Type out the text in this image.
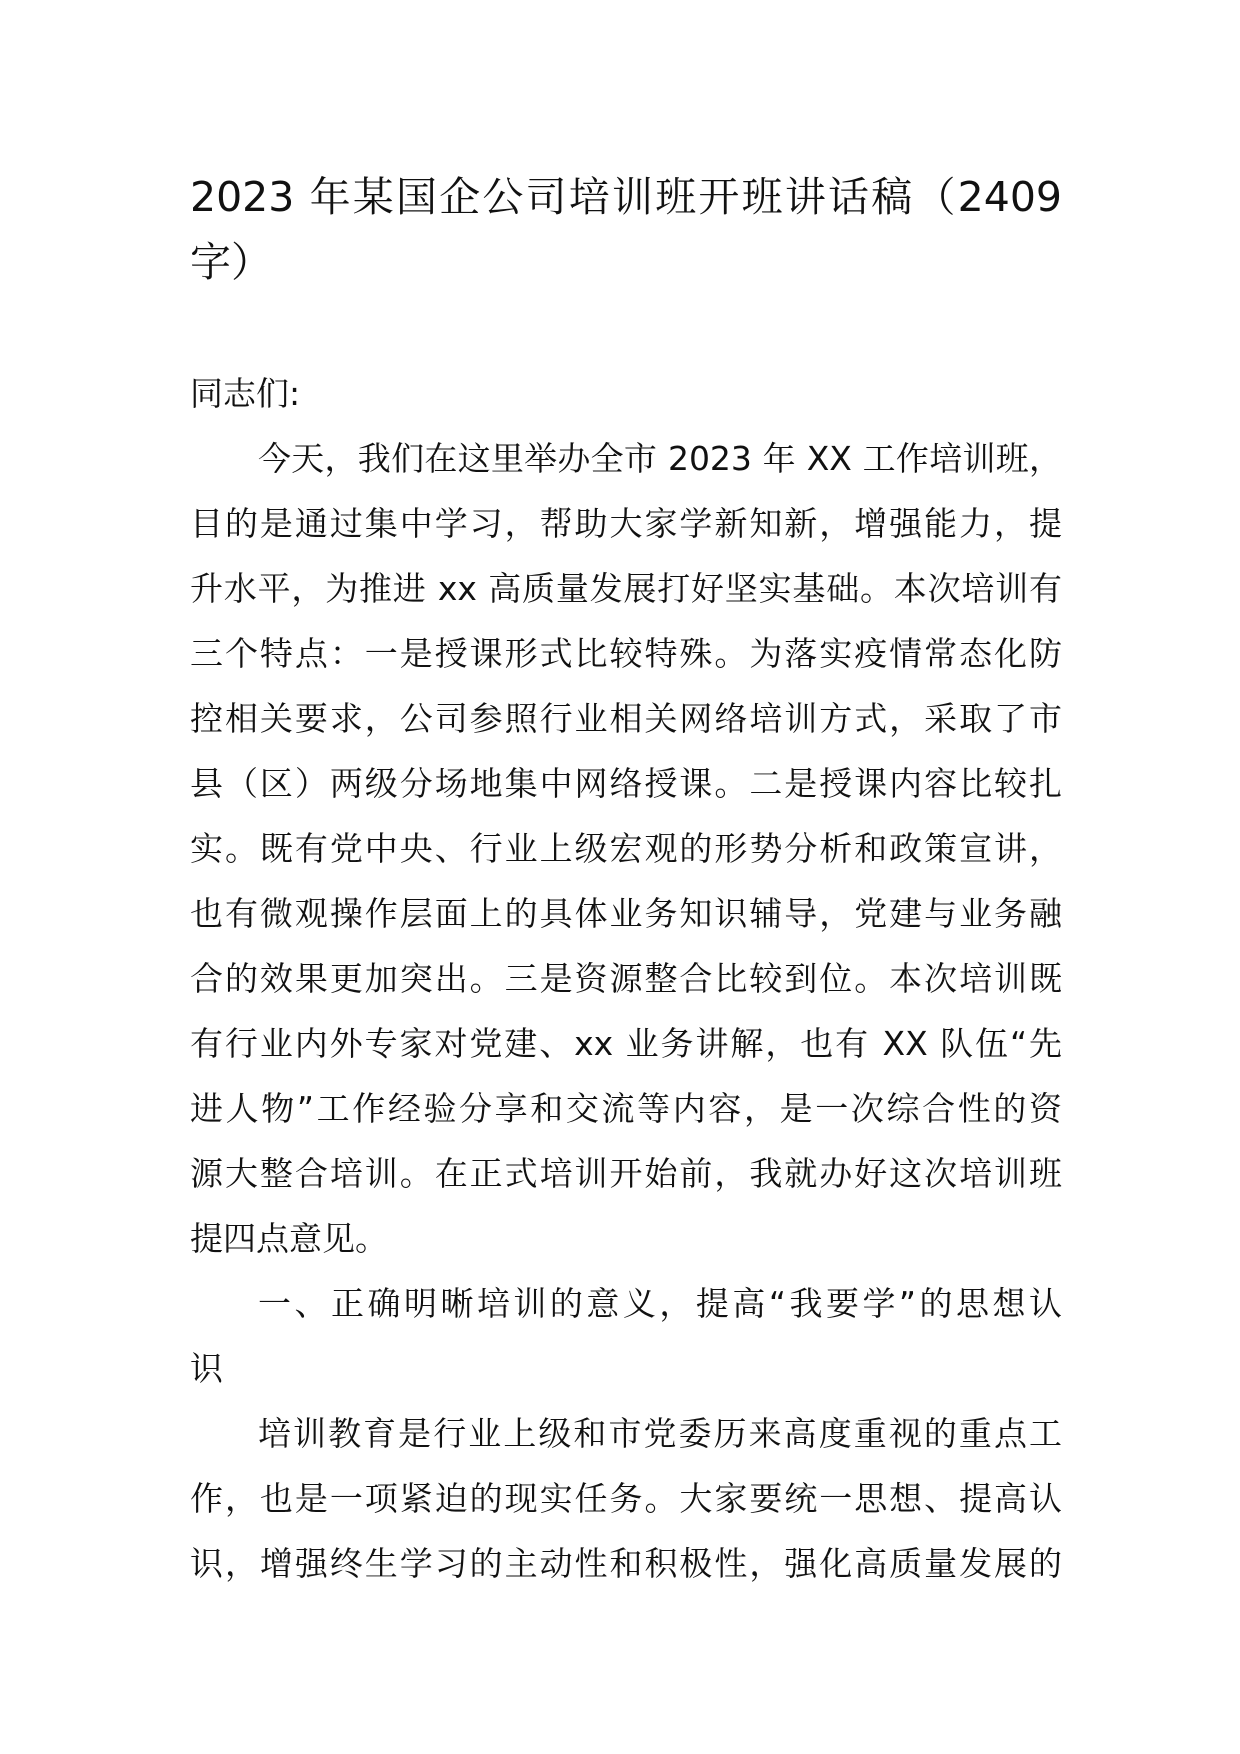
2023 年某国企公司培训班开班讲话稿（2409
字）
同志们:
今天，我们在这里举办全市 2023 年 XX 工作培训班，
目的是通过集中学习，帮助大家学新知新，增强能力，提
升水平，为推进 xx 高质量发展打好坚实基础。本次培训有
三个特点：一是授课形式比较特殊。为落实疫情常态化防
控相关要求，公司参照行业相关网络培训方式，采取了市
县（区）两级分场地集中网络授课。二是授课内容比较扎
实。既有党中央、行业上级宏观的形势分析和政策宣讲，
也有微观操作层面上的具体业务知识辅导，党建与业务融
合的效果更加突出。三是资源整合比较到位。本次培训既
有行业内外专家对党建、xx 业务讲解，也有 XX 队伍“先
进人物”工作经验分享和交流等内容，是一次综合性的资
源大整合培训。在正式培训开始前，我就办好这次培训班
提四点意见。
一、正确明晰培训的意义，提高“我要学”的思想认
识
培训教育是行业上级和市党委历来高度重视的重点工
作，也是一项紧迫的现实任务。大家要统一思想、提高认
识，增强终生学习的主动性和积极性，强化高质量发展的
